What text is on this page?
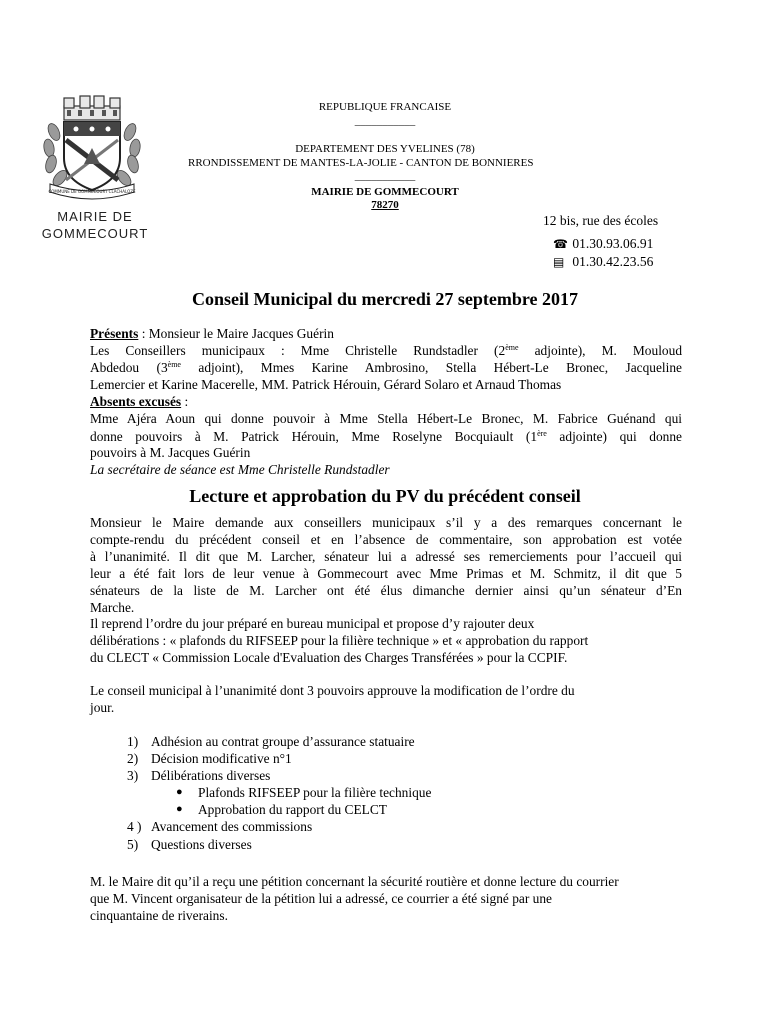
COMMUNE DE GOMMECOURT CLACHALOZE
MAIRIE DE
GOMMECOURT
REPUBLIQUE FRANCAISE
___________
DEPARTEMENT DES YVELINES (78)
RRONDISSEMENT DE MANTES-LA-JOLIE - CANTON DE BONNIERES
___________
MAIRIE DE GOMMECOURT
78270
12 bis, rue des écoles
☎ 01.30.93.06.91
▤ 01.30.42.23.56
Conseil Municipal du mercredi 27 septembre 2017
Présents : Monsieur le Maire Jacques Guérin
Les Conseillers municipaux : Mme Christelle Rundstadler (2ème adjointe), M. Mouloud
Abdedou (3ème adjoint), Mmes Karine Ambrosino, Stella Hébert-Le Bronec, Jacqueline
Lemercier et Karine Macerelle, MM. Patrick Hérouin, Gérard Solaro et Arnaud Thomas
Absents excusés :
Mme Ajéra Aoun qui donne pouvoir à Mme Stella Hébert-Le Bronec, M. Fabrice Guénand qui
donne pouvoirs à M. Patrick Hérouin, Mme Roselyne Bocquiault (1ère adjointe) qui donne
pouvoirs à M. Jacques Guérin
La secrétaire de séance est Mme Christelle Rundstadler
Lecture et approbation du PV du précédent conseil
Monsieur le Maire demande aux conseillers municipaux s’il y a des remarques concernant le
compte-rendu du précédent conseil et en l’absence de commentaire, son approbation est votée
à l’unanimité. Il dit que M. Larcher, sénateur lui a adressé ses remerciements pour l’accueil qui
leur a été fait lors de leur venue à Gommecourt avec Mme Primas et M. Schmitz, il dit que 5
sénateurs de la liste de M. Larcher ont été élus dimanche dernier ainsi qu’un sénateur d’En
Marche.
Il reprend l’ordre du jour préparé en bureau municipal et propose d’y rajouter deux
délibérations : « plafonds du RIFSEEP pour la filière technique » et « approbation du rapport
du CLECT « Commission Locale d'Evaluation des Charges Transférées » pour la CCPIF.
Le conseil municipal à l’unanimité dont 3 pouvoirs approuve la modification de l’ordre du
jour.
1) Adhésion au contrat groupe d’assurance statuaire
2) Décision modificative n°1
3) Délibérations diverses
● Plafonds RIFSEEP pour la filière technique
● Approbation du rapport du CELCT
4 ) Avancement des commissions
5) Questions diverses
M. le Maire dit qu’il a reçu une pétition concernant la sécurité routière et donne lecture du courrier
que M. Vincent organisateur de la pétition lui a adressé, ce courrier a été signé par une
cinquantaine de riverains.
